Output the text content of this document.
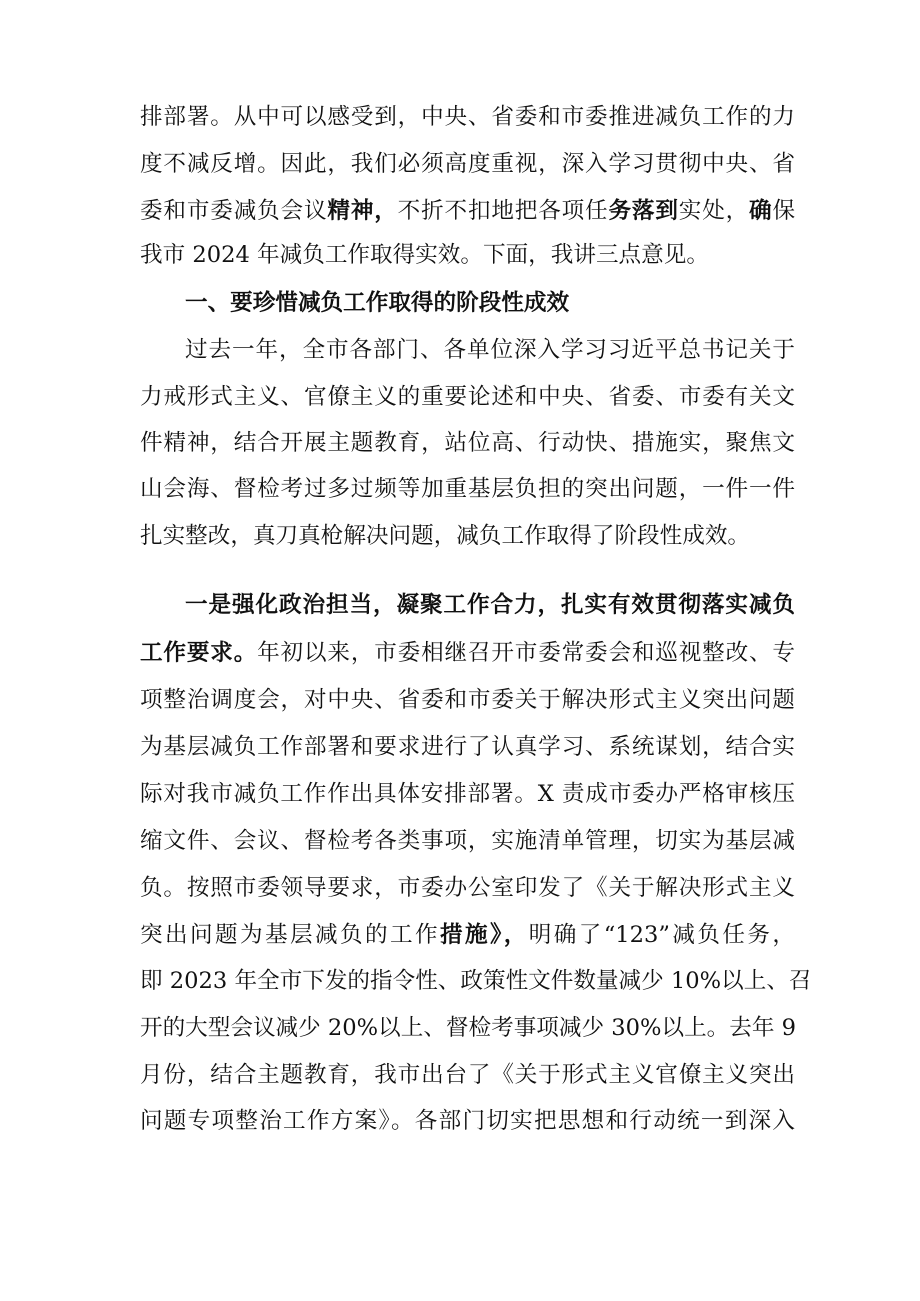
排部署。从中可以感受到，中央、省委和市委推进减负工作的力
度不减反增。因此，我们必须高度重视，深入学习贯彻中央、省
委和市委减负会议精神，不折不扣地把各项任务落到实处，确保
我市 2024 年减负工作取得实效。下面，我讲三点意见。
一、要珍惜减负工作取得的阶段性成效
过去一年，全市各部门、各单位深入学习习近平总书记关于
力戒形式主义、官僚主义的重要论述和中央、省委、市委有关文
件精神，结合开展主题教育，站位高、行动快、措施实，聚焦文
山会海、督检考过多过频等加重基层负担的突出问题，一件一件
扎实整改，真刀真枪解决问题，减负工作取得了阶段性成效。
一是强化政治担当，凝聚工作合力，扎实有效贯彻落实减负
工作要求。年初以来，市委相继召开市委常委会和巡视整改、专
项整治调度会，对中央、省委和市委关于解决形式主义突出问题
为基层减负工作部署和要求进行了认真学习、系统谋划，结合实
际对我市减负工作作出具体安排部署。X 责成市委办严格审核压
缩文件、会议、督检考各类事项，实施清单管理，切实为基层减
负。按照市委领导要求，市委办公室印发了《关于解决形式主义
突出问题为基层减负的工作措施》，明确了“123”减负任务，
即 2023 年全市下发的指令性、政策性文件数量减少 10%以上、召
开的大型会议减少 20%以上、督检考事项减少 30%以上。去年 9
月份，结合主题教育，我市出台了《关于形式主义官僚主义突出
问题专项整治工作方案》。各部门切实把思想和行动统一到深入
